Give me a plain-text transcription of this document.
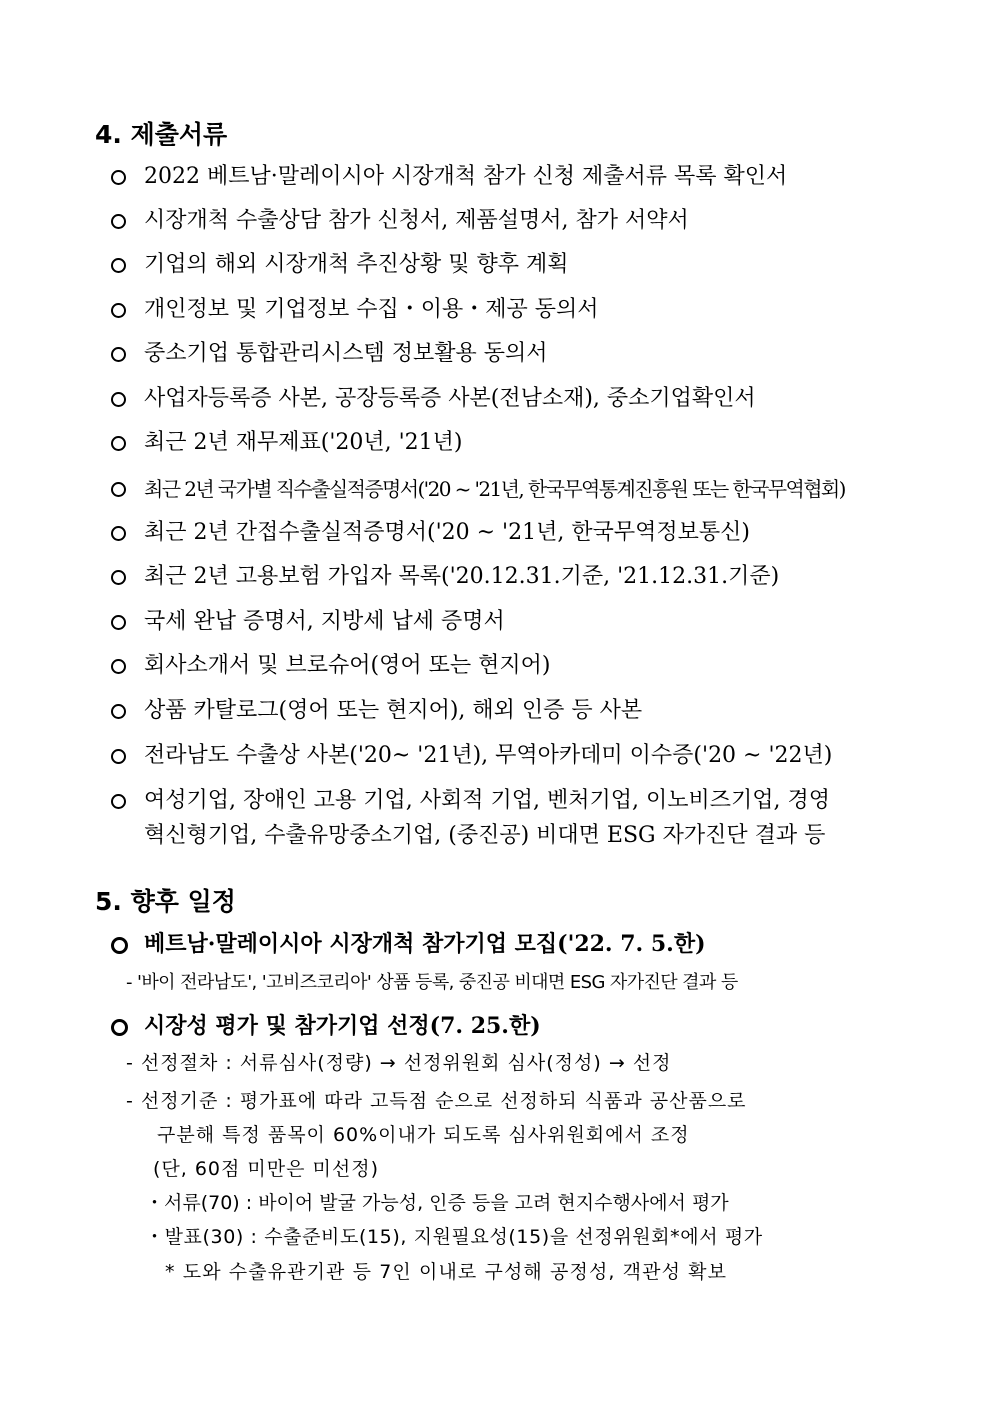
4. 제출서류
2022 베트남·말레이시아 시장개척 참가 신청 제출서류 목록 확인서
시장개척 수출상담 참가 신청서, 제품설명서, 참가 서약서
기업의 해외 시장개척 추진상황 및 향후 계획
개인정보 및 기업정보 수집・이용・제공 동의서
중소기업 통합관리시스템 정보활용 동의서
사업자등록증 사본, 공장등록증 사본(전남소재), 중소기업확인서
최근 2년 재무제표('20년, '21년)
최근 2년 국가별 직수출실적증명서('20 ~ '21년, 한국무역통계진흥원 또는 한국무역협회)
최근 2년 간접수출실적증명서('20 ~ '21년, 한국무역정보통신)
최근 2년 고용보험 가입자 목록('20.12.31.기준, '21.12.31.기준)
국세 완납 증명서, 지방세 납세 증명서
회사소개서 및 브로슈어(영어 또는 현지어)
상품 카탈로그(영어 또는 현지어), 해외 인증 등 사본
전라남도 수출상 사본('20~ '21년), 무역아카데미 이수증('20 ~ '22년)
여성기업, 장애인 고용 기업, 사회적 기업, 벤처기업, 이노비즈기업, 경영
혁신형기업, 수출유망중소기업, (중진공) 비대면 ESG 자가진단 결과 등
5. 향후 일정
베트남·말레이시아 시장개척 참가기업 모집('22. 7. 5.한)
- '바이 전라남도', '고비즈코리아' 상품 등록, 중진공 비대면 ESG 자가진단 결과 등
시장성 평가 및 참가기업 선정(7. 25.한)
- 선정절차 : 서류심사(정량) → 선정위원회 심사(정성) → 선정
- 선정기준 : 평가표에 따라 고득점 순으로 선정하되 식품과 공산품으로
구분해 특정 품목이 60%이내가 되도록 심사위원회에서 조정
(단, 60점 미만은 미선정)
・서류(70) : 바이어 발굴 가능성, 인증 등을 고려 현지수행사에서 평가
・발표(30) : 수출준비도(15), 지원필요성(15)을 선정위원회*에서 평가
* 도와 수출유관기관 등 7인 이내로 구성해 공정성, 객관성 확보
